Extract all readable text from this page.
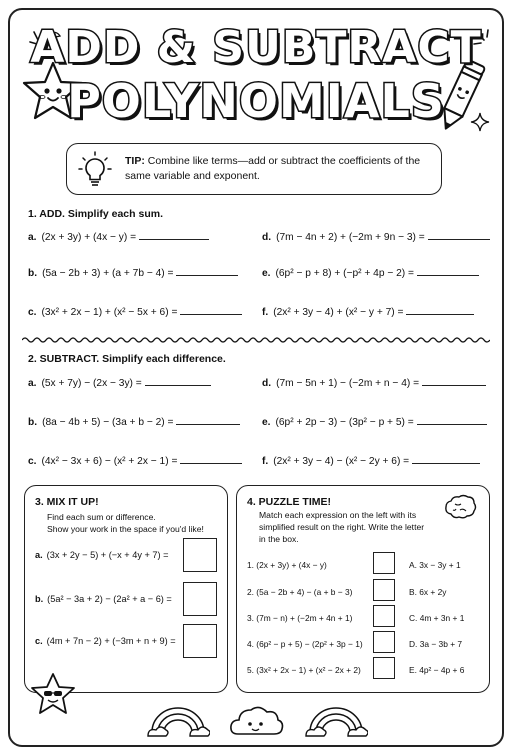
ADD & SUBTRACT
POLYNOMIALS
TIP: Combine like terms—add or subtract the coefficients of the same variable and exponent.
1. ADD. Simplify each sum.
a. (2x + 3y) + (4x − y) =
b. (5a − 2b + 3) + (a + 7b − 4) =
c. (3x² + 2x − 1) + (x² − 5x + 6) =
d. (7m − 4n + 2) + (−2m + 9n − 3) =
e. (6p² − p + 8) + (−p² + 4p − 2) =
f. (2x² + 3y − 4) + (x² − y + 7) =
2. SUBTRACT. Simplify each difference.
a. (5x + 7y) − (2x − 3y) =
b. (8a − 4b + 5) − (3a + b − 2) =
c. (4x² − 3x + 6) − (x² + 2x − 1) =
d. (7m − 5n + 1) − (−2m + n − 4) =
e. (6p² + 2p − 3) − (3p² − p + 5) =
f. (2x² + 3y − 4) − (x² − 2y + 6) =
3. MIX IT UP!
Find each sum or difference.
Show your work in the space if you'd like!
a. (3x + 2y − 5) + (−x + 4y + 7) =
b. (5a² − 3a + 2) − (2a² + a − 6) =
c. (4m + 7n − 2) + (−3m + n + 9) =
4. PUZZLE TIME!
Match each expression on the left with its
simplified result on the right. Write the letter
in the box.
1. (2x + 3y) + (4x − y)	A. 3x − 3y + 1
2. (5a − 2b + 4) − (a + b − 3)	B. 6x + 2y
3. (7m − n) + (−2m + 4n + 1)	C. 4m + 3n + 1
4. (6p² − p + 5) − (2p² + 3p − 1)	D. 3a − 3b + 7
5. (3x² + 2x − 1) + (x² − 2x + 2)	E. 4p² − 4p + 6
